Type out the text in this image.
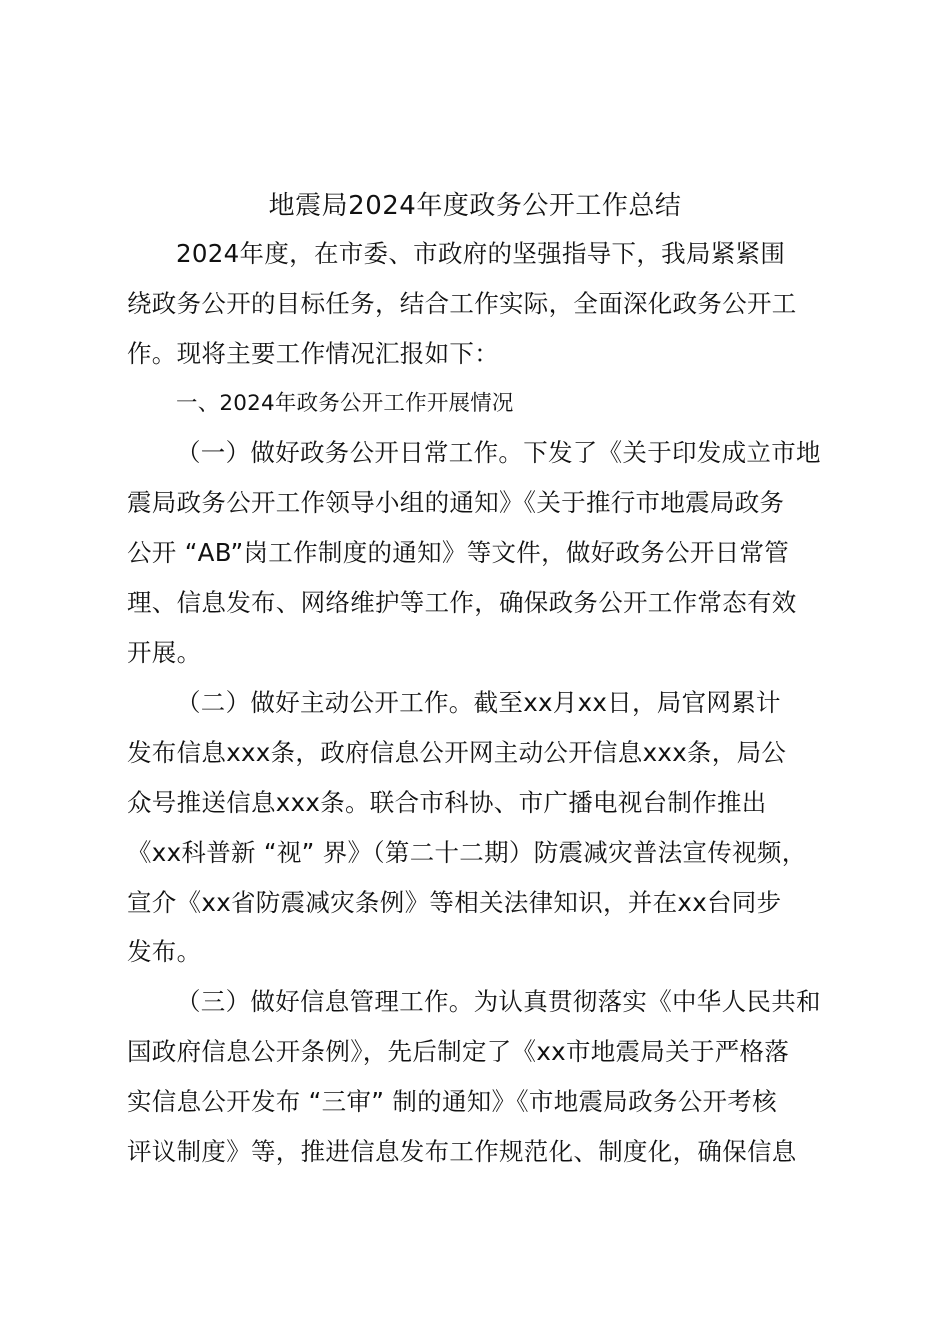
地震局2024年度政务公开工作总结
2024年度，在市委、市政府的坚强指导下，我局紧紧围
绕政务公开的目标任务，结合工作实际，全面深化政务公开工
作。现将主要工作情况汇报如下：
一、2024年政务公开工作开展情况
（一）做好政务公开日常工作。下发了《关于印发成立市地
震局政务公开工作领导小组的通知》《关于推行市地震局政务
公开 “AB”岗工作制度的通知》等文件，做好政务公开日常管
理、信息发布、网络维护等工作，确保政务公开工作常态有效
开展。
（二）做好主动公开工作。截至xx月xx日，局官网累计
发布信息xxx条，政府信息公开网主动公开信息xxx条，局公
众号推送信息xxx条。联合市科协、市广播电视台制作推出
《xx科普新 “视” 界》（第二十二期）防震减灾普法宣传视频，
宣介《xx省防震减灾条例》等相关法律知识，并在xx台同步
发布。
（三）做好信息管理工作。为认真贯彻落实《中华人民共和
国政府信息公开条例》，先后制定了《xx市地震局关于严格落
实信息公开发布 “三审” 制的通知》《市地震局政务公开考核
评议制度》等，推进信息发布工作规范化、制度化，确保信息
